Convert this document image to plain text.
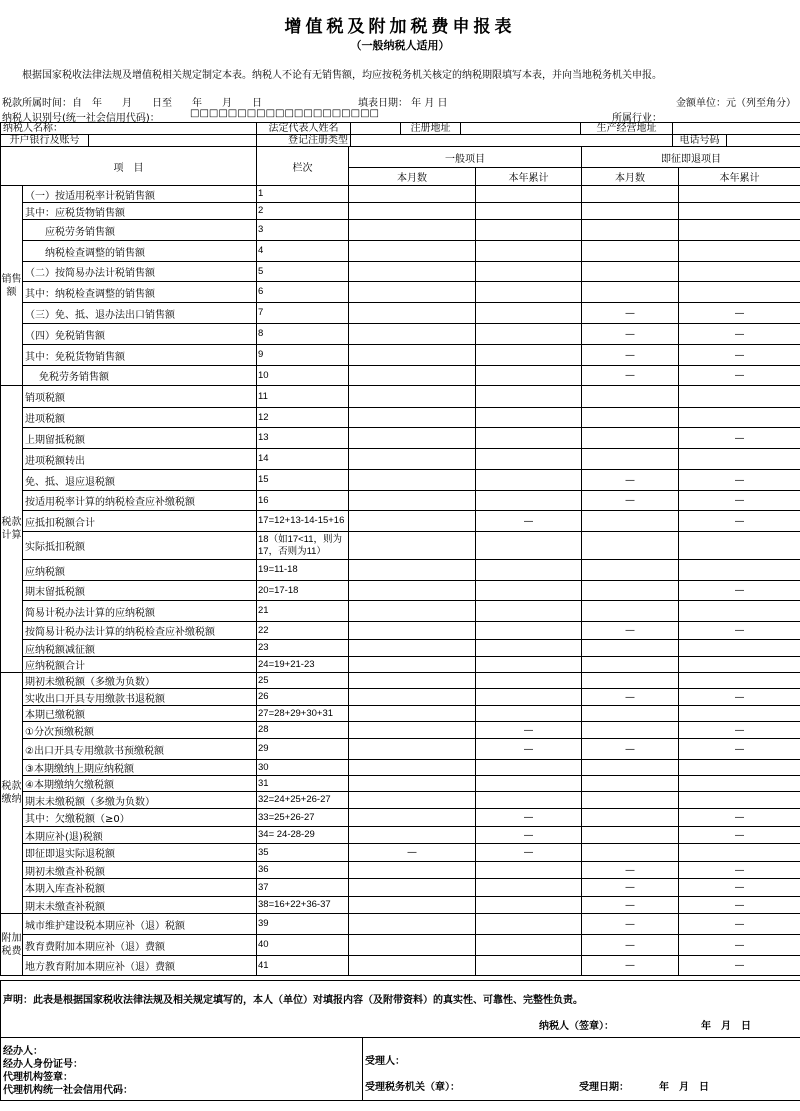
增值税及附加税费申报表
（一般纳税人适用）
根据国家税收法律法规及增值税相关规定制定本表。纳税人不论有无销售额，均应按税务机关核定的纳税期限填写本表，并向当地税务机关申报。
税款所属时间：自　年　　月　　日至　　年　　月　　日	填表日期： 年 月 日	金额单位：元（列至角分）
纳税人识别号(统一社会信用代码)：	□□□□□□□□□□□□□□□□□□□□	所属行业：
纳税人名称：		法定代表人姓名		注册地址		生产经营地址		
开户银行及账号		登记注册类型					电话号码	
项　目		栏次	一般项目		即征即退项目	
			本月数	本年累计	本月数	本年累计
销售额	（一）按适用税率计税销售额	1				
	其中：应税货物销售额	2				
	应税劳务销售额	3				
	纳税检查调整的销售额	4				
	（二）按简易办法计税销售额	5				
	其中：纳税检查调整的销售额	6				
	（三）免、抵、退办法出口销售额	7			—	—
	（四）免税销售额	8			—	—
	其中：免税货物销售额	9			—	—
	免税劳务销售额	10			—	—
税款计算	销项税额	11				
	进项税额	12				
	上期留抵税额	13				—
	进项税额转出	14				
	免、抵、退应退税额	15			—	—
	按适用税率计算的纳税检查应补缴税额	16			—	—
	应抵扣税额合计	17=12+13-14-15+16		—		—
	实际抵扣税额	18（如17<11，则为17，否则为11）				
	应纳税额	19=11-18				
	期末留抵税额	20=17-18				—
	简易计税办法计算的应纳税额	21				
	按简易计税办法计算的纳税检查应补缴税额	22			—	—
	应纳税额减征额	23				
	应纳税额合计	24=19+21-23				
税款缴纳	期初未缴税额（多缴为负数）	25				
	实收出口开具专用缴款书退税额	26			—	—
	本期已缴税额	27=28+29+30+31				
	①分次预缴税额	28		—		—
	②出口开具专用缴款书预缴税额	29		—	—	—
	③本期缴纳上期应纳税额	30				
	④本期缴纳欠缴税额	31				
	期末未缴税额（多缴为负数）	32=24+25+26-27				
	其中：欠缴税额（≥0）	33=25+26-27		—		—
	本期应补(退)税额	34= 24-28-29		—		—
	即征即退实际退税额	35	—	—		
	期初未缴查补税额	36			—	—
	本期入库查补税额	37			—	—
	期末未缴查补税额	38=16+22+36-37			—	—
附加税费	城市维护建设税本期应补（退）税额	39			—	—
	教育费附加本期应补（退）费额	40			—	—
	地方教育附加本期应补（退）费额	41			—	—
声明：此表是根据国家税收法律法规及相关规定填写的，本人（单位）对填报内容（及附带资料）的真实性、可靠性、完整性负责。
纳税人（签章）：	年　月　日

经办人：
经办人身份证号：
代理机构签章：
代理机构统一社会信用代码：

受理人：
受理税务机关（章）：	受理日期：	年　月　日
